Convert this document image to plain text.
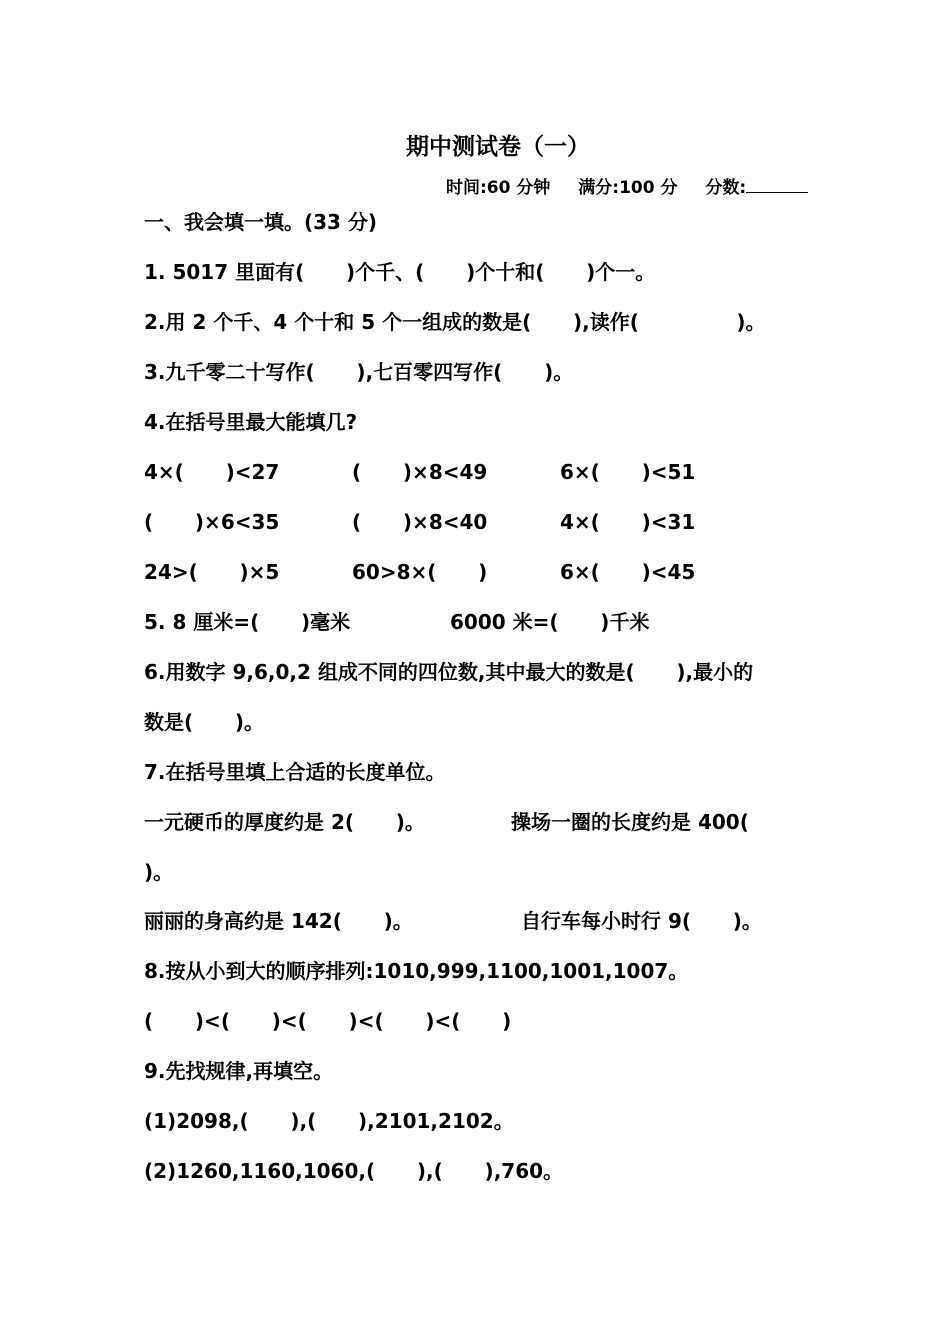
期中测试卷（一）
时间:60 分钟 满分:100 分 分数:
一、我会填一填。(33 分)
1. 5017 里面有(      )个千、(      )个十和(      )个一。
2.用 2 个千、4 个十和 5 个一组成的数是(      ),读作(              )。
3.九千零二十写作(      ),七百零四写作(      )。
4.在括号里最大能填几?
4×(      )<27	(      )×8<49	6×(      )<51
(      )×6<35	(      )×8<40	4×(      )<31
24>(      )×5	60>8×(      )	6×(      )<45
5. 8 厘米=(      )毫米	6000 米=(      )千米
6.用数字 9,6,0,2 组成不同的四位数,其中最大的数是(      ),最小的
数是(      )。
7.在括号里填上合适的长度单位。
一元硬币的厚度约是 2(      )。	操场一圈的长度约是 400(
)。
丽丽的身高约是 142(      )。	自行车每小时行 9(      )。
8.按从小到大的顺序排列:1010,999,1100,1001,1007。
(      )<(      )<(      )<(      )<(      )
9.先找规律,再填空。
(1)2098,(      ),(      ),2101,2102。
(2)1260,1160,1060,(      ),(      ),760。
